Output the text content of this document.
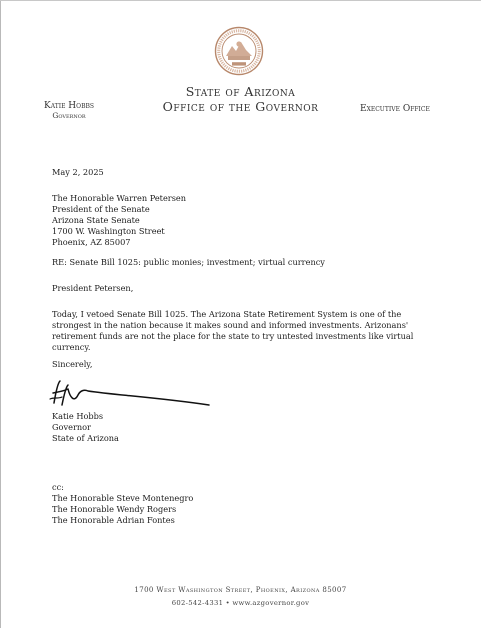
State of Arizona
Office of the Governor
Katie Hobbs
Governor
Executive Office
May 2, 2025
The Honorable Warren Petersen
President of the Senate
Arizona State Senate
1700 W. Washington Street
Phoenix, AZ 85007
RE: Senate Bill 1025: public monies; investment; virtual currency
President Petersen,
Today, I vetoed Senate Bill 1025. The Arizona State Retirement System is one of the
strongest in the nation because it makes sound and informed investments. Arizonans'
retirement funds are not the place for the state to try untested investments like virtual
currency.
Sincerely,
Katie Hobbs
Governor
State of Arizona
cc:
The Honorable Steve Montenegro
The Honorable Wendy Rogers
The Honorable Adrian Fontes
1700 West Washington Street, Phoenix, Arizona 85007
602-542-4331 • www.azgovernor.gov
